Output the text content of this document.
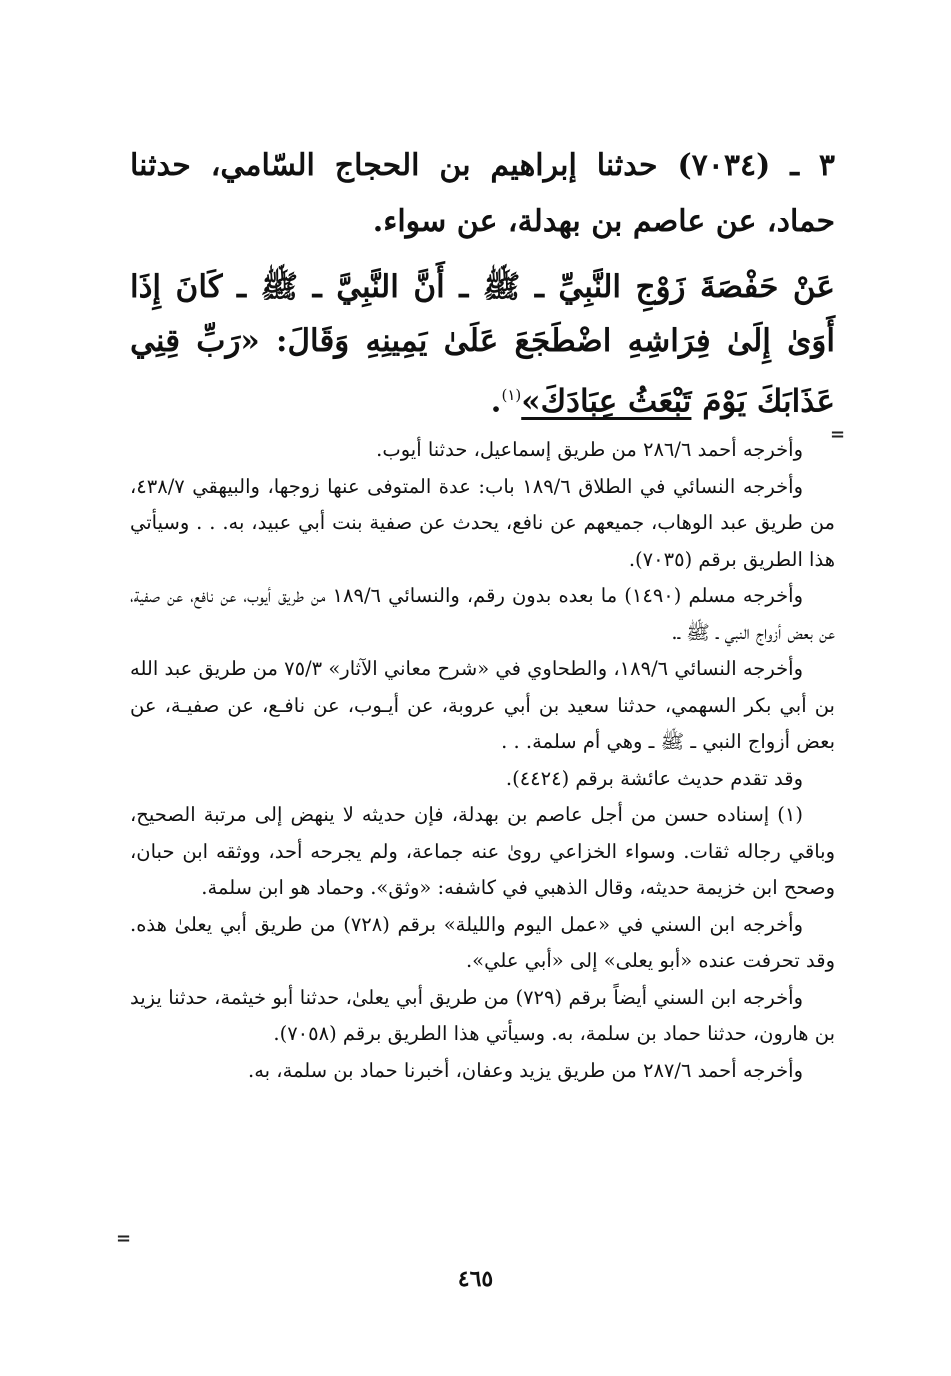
٣ ـ (٧٠٣٤) حدثنا إبراهيم بن الحجاج السّامي، حدثنا حماد، عن عاصم بن بهدلة، عن سواء.

عَنْ حَفْصَةَ زَوْجِ النَّبِيِّ ـ ﷺ ـ أَنَّ النَّبِيَّ ـ ﷺ ـ كَانَ إِذَا أَوَىٰ إِلَىٰ فِرَاشِهِ اضْطَجَعَ عَلَىٰ يَمِينِهِ وَقَالَ: «رَبِّ قِنِي عَذَابَكَ يَوْمَ تَبْعَثُ عِبَادَكَ»$^{(١)}$.

وأخرجه أحمد ٢٨٦/٦ من طريق إسماعيل، حدثنا أيوب.

وأخرجه النسائي في الطلاق ١٨٩/٦ باب: عدة المتوفى عنها زوجها، والبيهقي ٤٣٨/٧، من طريق عبد الوهاب، جميعهم عن نافع، يحدث عن صفية بنت أبي عبيد، به. . . وسيأتي هذا الطريق برقم (٧٠٣٥).

وأخرجه مسلم (١٤٩٠) ما بعده بدون رقم، والنسائي ١٨٩/٦ من طريق أيوب، عن نافع، عن صفية، عن بعض أزواج النبي ـ ﷺ ـ.

وأخرجه النسائي ١٨٩/٦، والطحاوي في «شرح معاني الآثار» ٧٥/٣ من طريق عبد الله بن أبي بكر السهمي، حدثنا سعيد بن أبي عروبة، عن أيـوب، عن نافـع، عن صفيـة، عن بعض أزواج النبي ـ ﷺ ـ وهي أم سلمة. . .

وقد تقدم حديث عائشة برقم (٤٤٢٤).

(١) إسناده حسن من أجل عاصم بن بهدلة، فإن حديثه لا ينهض إلى مرتبة الصحيح، وباقي رجاله ثقات. وسواء الخزاعي روىٰ عنه جماعة، ولم يجرحه أحد، ووثقه ابن حبان، وصحح ابن خزيمة حديثه، وقال الذهبي في كاشفه: «وثق». وحماد هو ابن سلمة.

وأخرجه ابن السني في «عمل اليوم والليلة» برقم (٧٢٨) من طريق أبي يعلىٰ هذه. وقد تحرفت عنده «أبو يعلى» إلى «أبي علي».

وأخرجه ابن السني أيضاً برقم (٧٢٩) من طريق أبي يعلىٰ، حدثنا أبو خيثمة، حدثنا يزيد بن هارون، حدثنا حماد بن سلمة، به. وسيأتي هذا الطريق برقم (٧٠٥٨).

وأخرجه أحمد ٢٨٧/٦ من طريق يزيد وعفان، أخبرنا حماد بن سلمة، به.

=
=
٤٦٥
